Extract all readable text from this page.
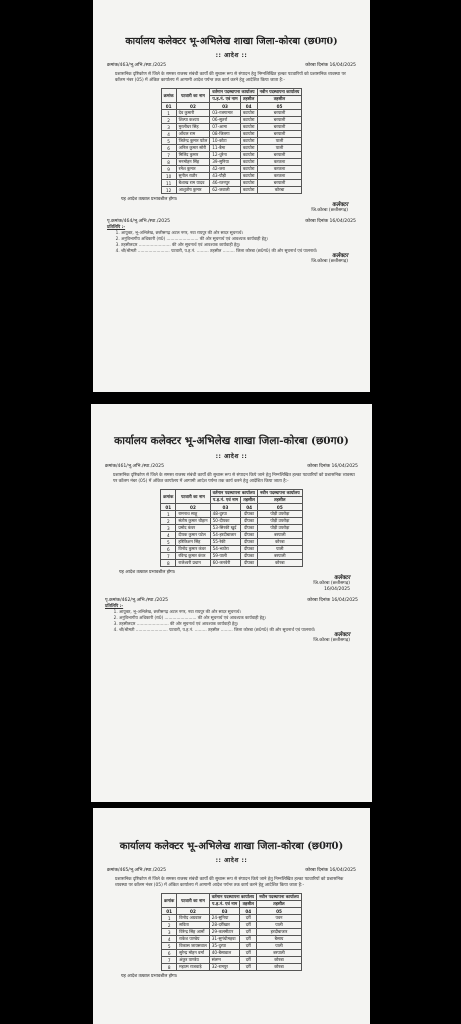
कार्यालय कलेक्टर भू-अभिलेख शाखा जिला-कोरबा (छ0ग0)
:: आदेश ::
क्रमांक/463/भू.अभि./स्था./2025	कोरबा दिनांक 16/04/2025
प्रशासनिक दृष्टिकोण से जिले के समस्त राजस्व संबंधी कार्यों की सुचारू रूप से संपादन हेतु निम्नलिखित हल्का पटवारियों को प्रशासनिक व्यवस्था पर कॉलम नंबर (05) में अंकित कार्यालय में आगामी आदेश पर्यन्त तक कार्य करने हेतु आदेशित किया जाता है:-
क्रमांक	पटवारी का नाम	वर्तमान पदस्थापना कार्यालय		नवीन पदस्थापना कार्यालय
		प.ह.नं. एवं नाम	तहसील	तहसील
01	02	03	04	05
1	देव कुमारी	03-रजगामार	कटघोरा	बरपाली
2	शिल्पा कश्यप	06-सुतर्रा	कटघोरा	बरपाली
3	मुरलीधर सिंह	07-आमा	कटघोरा	बरपाली
4	आँचल राम	08-जिलगा	कटघोरा	बरपाली
5	जितेन्द्र कुमार पटेल	10-कोटा	कटघोरा	पाली
6	अनिल कुमार सोरी	11-बैमा	कटघोरा	पाली
7	मिलिंद कुमार	12-धुरेना	कटघोरा	बरपाली
8	मनमोहन सिंह	39-सुनिया	कटघोरा	करतला
9	रमेश कुमार	42-जरा	कटघोरा	करतला
10	सुनील राठौर	43-पौड़ी	कटघोरा	करतला
11	बैशाख राम यादव	46-रतनपुर	कटघोरा	बरपाली
12	आशुतोष कुमार	62-जवाली	कटघोरा	कोरबा
यह आदेश तत्काल प्रभावशील होगा।
कलेक्टर
जि.कोरबा (छत्तीसगढ़)
पृ.क्रमांक/464/भू.अभि./स्था./2025	कोरबा दिनांक 16/04/2025
प्रतिलिपि :-
1. आयुक्त, भू-अभिलेख, छत्तीसगढ़ अटल नगर, नवा रायपुर की ओर सादर सूचनार्थ।
2. अनुविभागीय अधिकारी (रा0) ........................ की ओर सूचनार्थ एवं आवश्यक कार्यवाही हेतु।
3. तहसीलदार ........................ की ओर सूचनार्थ एवं आवश्यक कार्यवाही हेतु।
4. श्री/श्रीमती ........................ पटवारी, प.ह.नं. ......... तहसील ......... जिला कोरबा (छ0ग0) की ओर सूचनार्थ एवं पालनार्थ।
कलेक्टर
जि.कोरबा (छत्तीसगढ़)
कार्यालय कलेक्टर भू-अभिलेख शाखा जिला-कोरबा (छ0ग0)
:: आदेश ::
क्रमांक/461/भू.अभि./स्था./2025	कोरबा दिनांक 16/04/2025
प्रशासनिक दृष्टिकोण से जिले के समस्त राजस्व संबंधी कार्यों की सुचारू रूप से संपादन किये जाने हेतु निम्नलिखित हल्का पटवारियों को प्रशासनिक व्यवस्था पर कॉलम नंबर (05) में अंकित कार्यालय में आगामी आदेश पर्यन्त तक कार्य करने हेतु आदेशित किया जाता है:-
क्रमांक	पटवारी का नाम	वर्तमान पदस्थापना कार्यालय		नवीन पदस्थापना कार्यालय
		प.ह.नं. एवं नाम	तहसील	तहसील
01	02	03	04	05
1	रामनाथ साहू	48-दुरपा	दीपका	पोड़ी उपरोड़ा
2	संतोष कुमार चौहान	50-दीपका	दीपका	पोड़ी उपरोड़ा
3	प्रमोद कंवर	53-सिरकी खुर्द	दीपका	पोड़ी उपरोड़ा
4	दीपक कुमार पटेल	54-हरदीबाजार	दीपका	बरपाली
5	हरिकिशन सिंह	55-रेकी	दीपका	कोरबा
6	विनोद कुमार कंवर	54-भठोरा	दीपका	पाली
7	रविन्द्र कुमार कंवर	59-पाली	दीपका	बरपाली
8	राजेश्वरी प्रधान	60-कनवेरी	दीपका	कोरबा
यह आदेश तत्काल प्रभावशील होगा।
कलेक्टर
जि.कोरबा (छत्तीसगढ़)
16/04/2025
पृ.क्रमांक/462/भू.अभि./स्था./2025	कोरबा दिनांक 16/04/2025
प्रतिलिपि :-
1. आयुक्त, भू-अभिलेख, छत्तीसगढ़ अटल नगर, नवा रायपुर की ओर सादर सूचनार्थ।
2. अनुविभागीय अधिकारी (रा0) ........................ की ओर सूचनार्थ एवं आवश्यक कार्यवाही हेतु।
3. तहसीलदार ........................ की ओर सूचनार्थ एवं आवश्यक कार्यवाही हेतु।
4. श्री/श्रीमती ........................ पटवारी, प.ह.नं. ......... तहसील ......... जिला कोरबा (छ0ग0) की ओर सूचनार्थ एवं पालनार्थ।
कलेक्टर
जि.कोरबा (छत्तीसगढ़)
कार्यालय कलेक्टर भू-अभिलेख शाखा जिला-कोरबा (छ0ग0)
:: आदेश ::
क्रमांक/465/भू.अभि./स्था./2025	कोरबा दिनांक 16/04/2025
प्रशासनिक दृष्टिकोण से जिले के समस्त राजस्व संबंधी कार्यों की सुचारू रूप से संपादन किये जाने हेतु निम्नलिखित हल्का पटवारियों को प्रशासनिक व्यवस्था पर कॉलम नंबर (05) में अंकित कार्यालय में आगामी आदेश पर्यन्त तक कार्य करने हेतु आदेशित किया जाता है:-
क्रमांक	पटवारी का नाम	वर्तमान पदस्थापना कार्यालय		नवीन पदस्थापना कार्यालय
		प.ह.नं. एवं नाम	तहसील	तहसील
01	02	03	04	05
1	विनोद अग्रवाल	24-सुनिया	दर्री	पवन
2	सविता	28-दर्रीखार	दर्री	पाली
3	विरेन्द्र सिंह आर्मो	29-कलमीटार	दर्री	हरदीबाजार
4	राकेश पाण्डेय	31-सुगंधीमहवा	दर्री	बैसाय
5	विकास जायसवाल	35-दुरपा	दर्री	पाली
6	सुरेन्द्र मोहन वर्मा	40-बैसाडाल	दर्री	बरपाली
7	अंकुर पाण्डेय	संलग्न	दर्री	कोरबा
8	महात्म राजवाड़े	32-रामपुर	दर्री	कोरबा
यह आदेश तत्काल प्रभावशील होगा।
